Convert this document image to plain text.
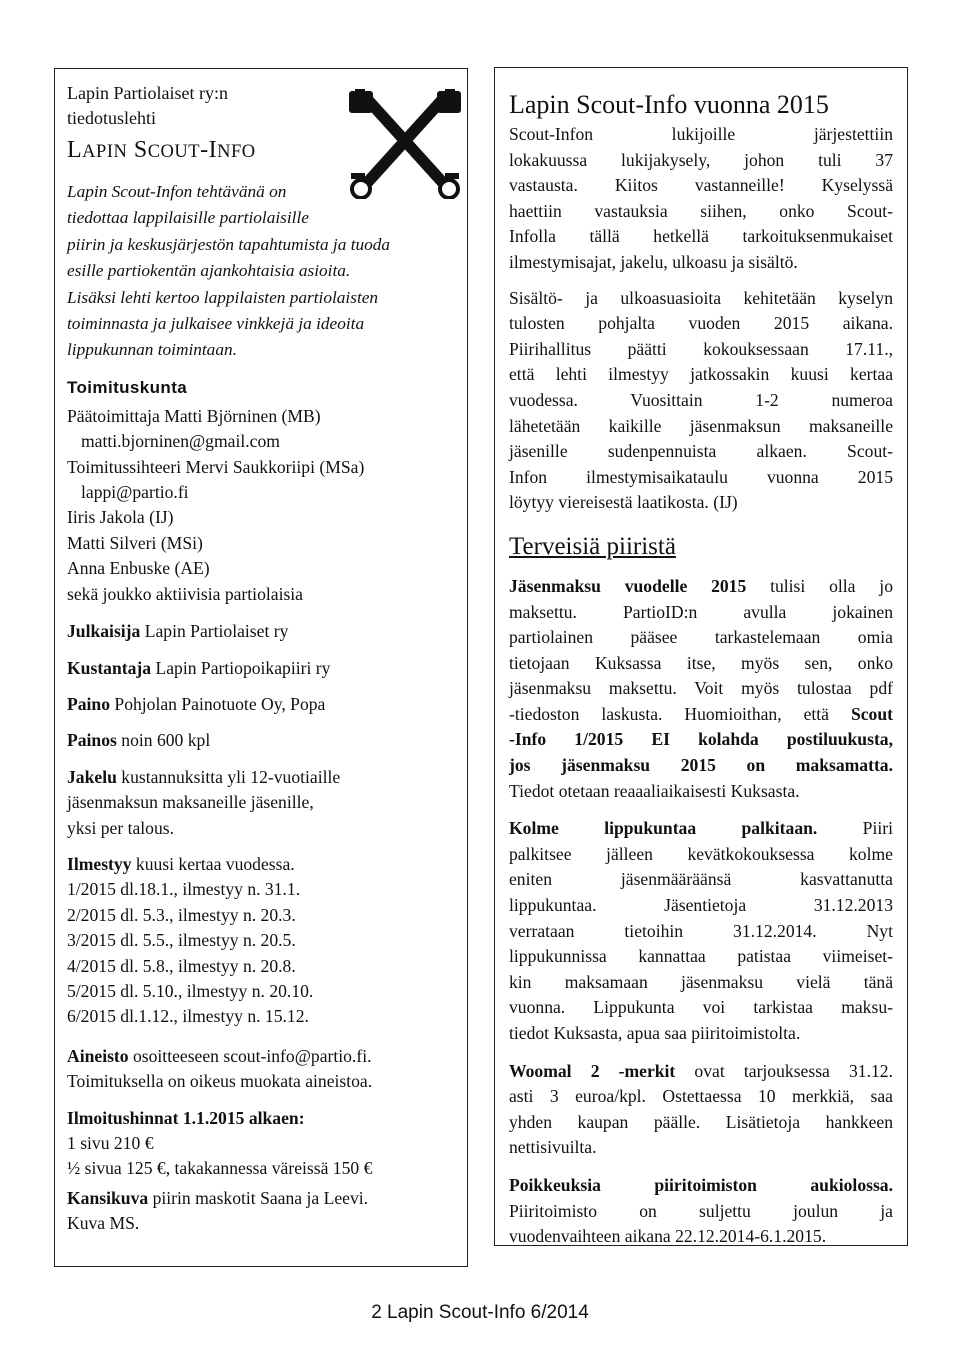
Lapin Partiolaiset ry:n
tiedotuslehti
LAPIN SCOUT-INFO
Lapin Scout-Infon tehtävänä on
tiedottaa lappilaisille partiolaisille
piirin ja keskusjärjestön tapahtumista ja tuoda
esille partiokentän ajankohtaisia asioita.
Lisäksi lehti kertoo lappilaisten partiolaisten
toiminnasta ja julkaisee vinkkejä ja ideoita
lippukunnan toimintaan.
Toimituskunta
Päätoimittaja Matti Björninen (MB)
matti.bjorninen@gmail.com
Toimitussihteeri Mervi Saukkoriipi (MSa)
lappi@partio.fi
Iiris Jakola (IJ)
Matti Silveri (MSi)
Anna Enbuske (AE)
sekä joukko aktiivisia partiolaisia
Julkaisija Lapin Partiolaiset ry
Kustantaja Lapin Partiopoikapiiri ry
Paino Pohjolan Painotuote Oy, Popa
Painos noin 600 kpl
Jakelu kustannuksitta yli 12-vuotiaille
jäsenmaksun maksaneille jäsenille,
yksi per talous.
Ilmestyy kuusi kertaa vuodessa.
1/2015 dl.18.1., ilmestyy n. 31.1.
2/2015 dl. 5.3., ilmestyy n. 20.3.
3/2015 dl. 5.5., ilmestyy n. 20.5.
4/2015 dl. 5.8., ilmestyy n. 20.8.
5/2015 dl. 5.10., ilmestyy n. 20.10.
6/2015 dl.1.12., ilmestyy n. 15.12.
Aineisto osoitteeseen scout-info@partio.fi.
Toimituksella on oikeus muokata aineistoa.
Ilmoitushinnat 1.1.2015 alkaen:
1 sivu 210 €
½ sivua 125 €, takakannessa väreissä 150 €
Kansikuva piirin maskotit Saana ja Leevi.
Kuva MS.
Lapin Scout-Info vuonna 2015
Scout-Infon lukijoille järjestettiin
lokakuussa lukijakysely, johon tuli 37
vastausta. Kiitos vastanneille! Kyselyssä
haettiin vastauksia siihen, onko Scout-
Infolla tällä hetkellä tarkoituksenmukaiset
ilmestymisajat, jakelu, ulkoasu ja sisältö.
Sisältö- ja ulkoasuasioita kehitetään kyselyn
tulosten pohjalta vuoden 2015 aikana.
Piirihallitus päätti kokouksessaan 17.11.,
että lehti ilmestyy jatkossakin kuusi kertaa
vuodessa. Vuosittain 1-2 numeroa
lähetetään kaikille jäsenmaksun maksaneille
jäsenille sudenpennuista alkaen. Scout-
Infon ilmestymisaikataulu vuonna 2015
löytyy viereisestä laatikosta. (IJ)
Terveisiä piiristä
Jäsenmaksu vuodelle 2015 tulisi olla jo
maksettu. PartioID:n avulla jokainen
partiolainen pääsee tarkastelemaan omia
tietojaan Kuksassa itse, myös sen, onko
jäsenmaksu maksettu. Voit myös tulostaa pdf
-tiedoston laskusta. Huomioithan, että Scout
-Info 1/2015 EI kolahda postiluukusta,
jos jäsenmaksu 2015 on maksamatta.
Tiedot otetaan reaaaliaikaisesti Kuksasta.
Kolme lippukuntaa palkitaan. Piiri
palkitsee jälleen kevätkokouksessa kolme
eniten jäsenmääräänsä kasvattanutta
lippukuntaa. Jäsentietoja 31.12.2013
verrataan tietoihin 31.12.2014. Nyt
lippukunnissa kannattaa patistaa viimeiset-
kin maksamaan jäsenmaksu vielä tänä
vuonna. Lippukunta voi tarkistaa maksu-
tiedot Kuksasta, apua saa piiritoimistolta.
Woomal 2 -merkit ovat tarjouksessa 31.12.
asti 3 euroa/kpl. Ostettaessa 10 merkkiä, saa
yhden kaupan päälle. Lisätietoja hankkeen
nettisivuilta.
Poikkeuksia piiritoimiston aukiolossa.
Piiritoimisto on suljettu joulun ja
vuodenvaihteen aikana 22.12.2014-6.1.2015.
2 Lapin Scout-Info 6/2014
